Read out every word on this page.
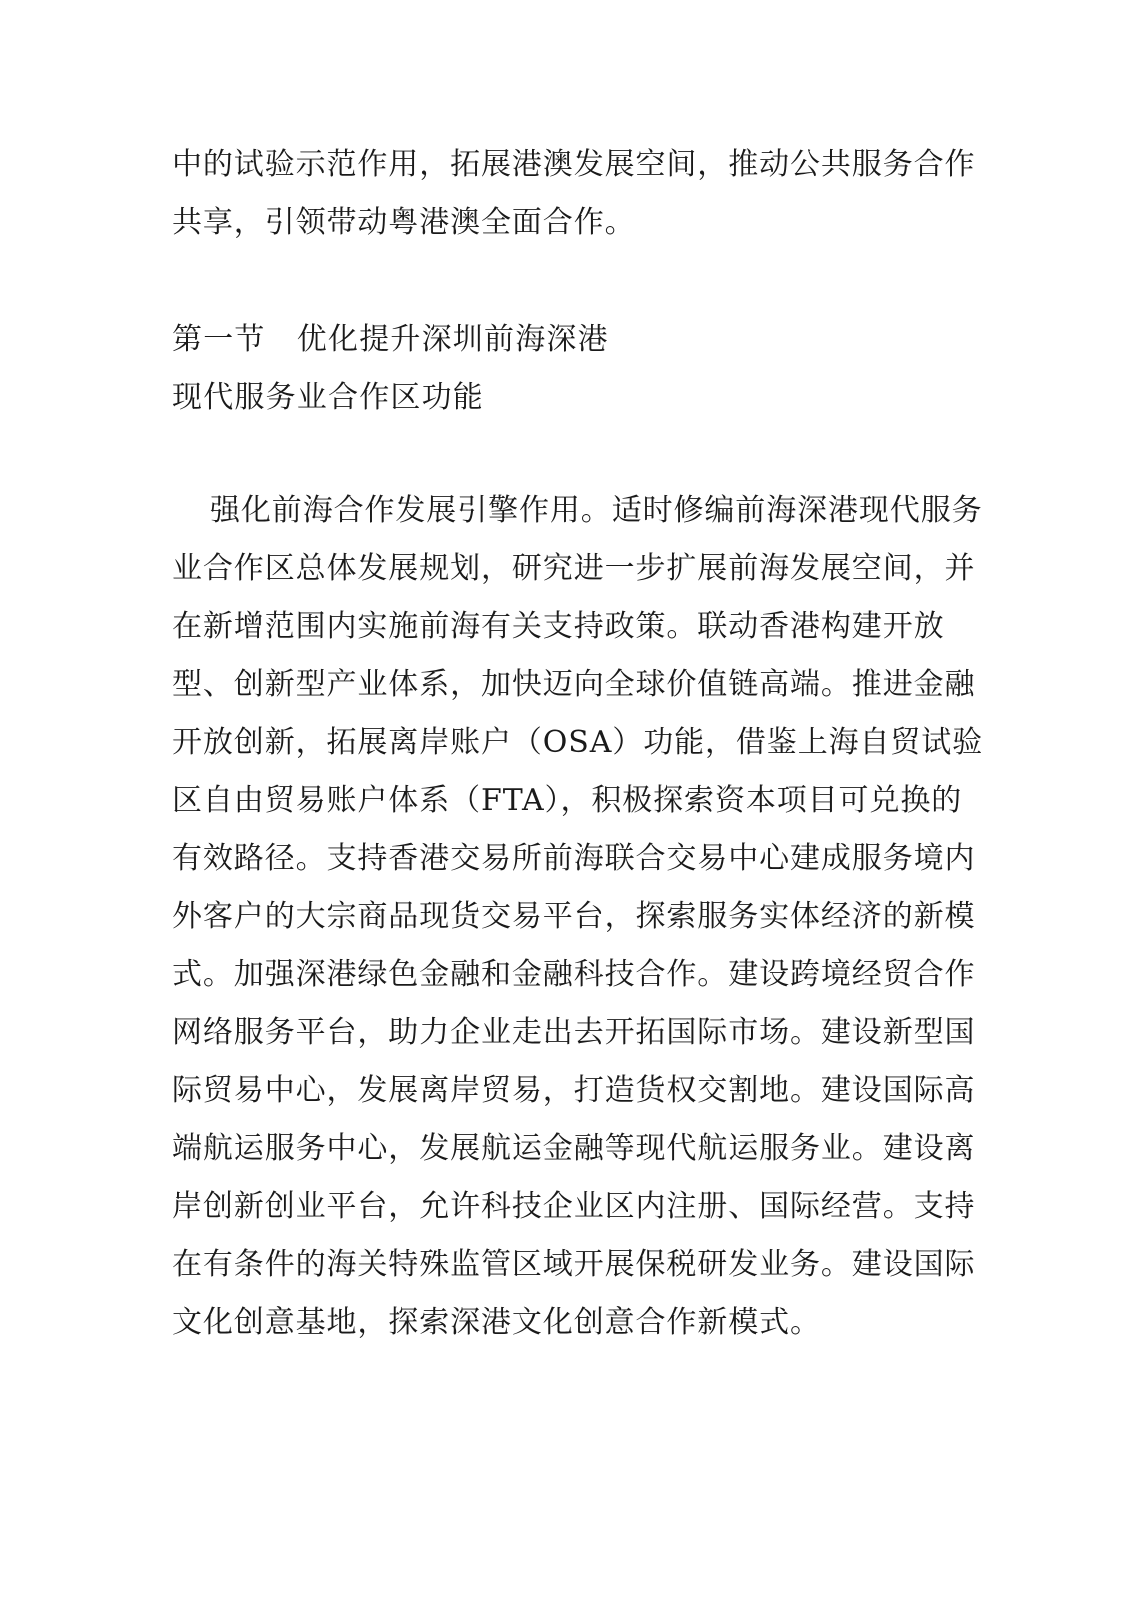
中的试验示范作用，拓展港澳发展空间，推动公共服务合作
共享，引领带动粤港澳全面合作。
第一节　优化提升深圳前海深港
现代服务业合作区功能
强化前海合作发展引擎作用。适时修编前海深港现代服务
业合作区总体发展规划，研究进一步扩展前海发展空间，并
在新增范围内实施前海有关支持政策。联动香港构建开放
型、创新型产业体系，加快迈向全球价值链高端。推进金融
开放创新，拓展离岸账户（OSA）功能，借鉴上海自贸试验
区自由贸易账户体系（FTA），积极探索资本项目可兑换的
有效路径。支持香港交易所前海联合交易中心建成服务境内
外客户的大宗商品现货交易平台，探索服务实体经济的新模
式。加强深港绿色金融和金融科技合作。建设跨境经贸合作
网络服务平台，助力企业走出去开拓国际市场。建设新型国
际贸易中心，发展离岸贸易，打造货权交割地。建设国际高
端航运服务中心，发展航运金融等现代航运服务业。建设离
岸创新创业平台，允许科技企业区内注册、国际经营。支持
在有条件的海关特殊监管区域开展保税研发业务。建设国际
文化创意基地，探索深港文化创意合作新模式。
